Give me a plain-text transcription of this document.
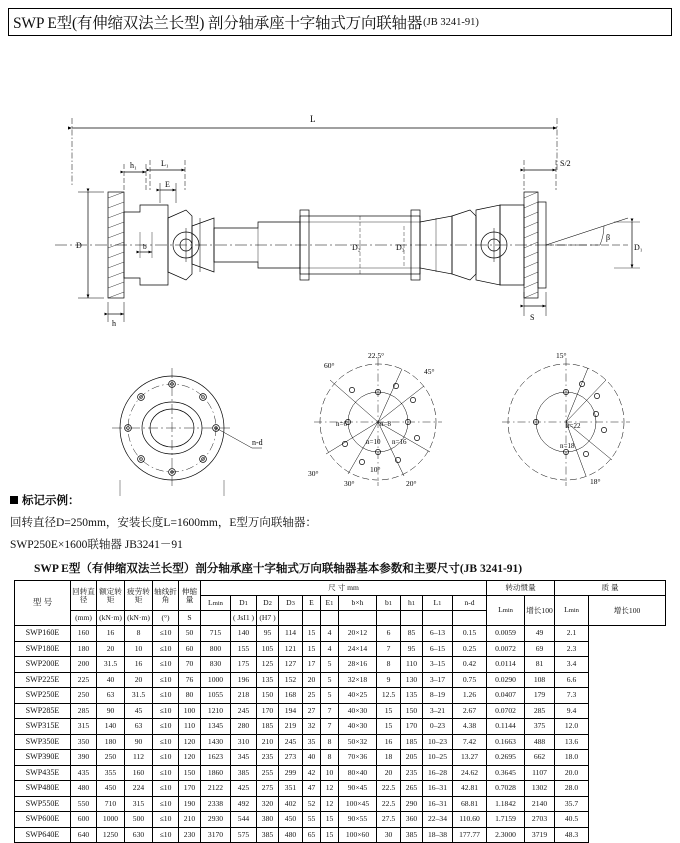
SWP E型(有伸缩双法兰长型) 剖分轴承座十字轴式万向联轴器 (JB 3241-91)
L
L₁
h₁
E
S/2
D
h
b	D₂	D₃
S
β
D₁
n-d
22.5°
45°
60°
30°
30°	20°
10°
n=6	n=8
n=10 n=16
15°
18°
n=22
n=18
标记示例：
回转直径D=250mm，安装长度L=1600mm，E型万向联轴器：
SWP250E×1600联轴器 JB3241－91
SWP E型（有伸缩双法兰长型）剖分轴承座十字轴式万向联轴器基本参数和主要尺寸(JB 3241-91)
型 号	回转直径	额定转矩	疲劳转矩	轴线折角	伸缩量	尺 寸 mm											转动惯量		质 量	
						Lmin	D1	D2	D3	E	E1	b×h	b1	h1	L1	n-d	Lmin	增长100	Lmin	增长100
	(mm)	(kN·m)	(kN·m)	(°)	S		( JsI1 )	(H7 )												
SWP160E	160	16	8	≤10	50	715	140	95	114	15	4	20×12	6	85	6–13	0.15	0.0059	49	2.1	
SWP180E	180	20	10	≤10	60	800	155	105	121	15	4	24×14	7	95	6–15	0.25	0.0072	69	2.3	
SWP200E	200	31.5	16	≤10	70	830	175	125	127	17	5	28×16	8	110	3–15	0.42	0.0114	81	3.4	
SWP225E	225	40	20	≤10	76	1000	196	135	152	20	5	32×18	9	130	3–17	0.75	0.0290	108	6.6	
SWP250E	250	63	31.5	≤10	80	1055	218	150	168	25	5	40×25	12.5	135	8–19	1.26	0.0407	179	7.3	
SWP285E	285	90	45	≤10	100	1210	245	170	194	27	7	40×30	15	150	3–21	2.67	0.0702	285	9.4	
SWP315E	315	140	63	≤10	110	1345	280	185	219	32	7	40×30	15	170	0–23	4.38	0.1144	375	12.0	
SWP350E	350	180	90	≤10	120	1430	310	210	245	35	8	50×32	16	185	10–23	7.42	0.1663	488	13.6	
SWP390E	390	250	112	≤10	120	1623	345	235	273	40	8	70×36	18	205	10–25	13.27	0.2695	662	18.0	
SWP435E	435	355	160	≤10	150	1860	385	255	299	42	10	80×40	20	235	16–28	24.62	0.3645	1107	20.0	
SWP480E	480	450	224	≤10	170	2122	425	275	351	47	12	90×45	22.5	265	16–31	42.81	0.7028	1302	28.0	
SWP550E	550	710	315	≤10	190	2338	492	320	402	52	12	100×45	22.5	290	16–31	68.81	1.1842	2140	35.7	
SWP600E	600	1000	500	≤10	210	2930	544	380	450	55	15	90×55	27.5	360	22–34	110.60	1.7159	2703	40.5	
SWP640E	640	1250	630	≤10	230	3170	575	385	480	65	15	100×60	30	385	18–38	177.77	2.3000	3719	48.3	
